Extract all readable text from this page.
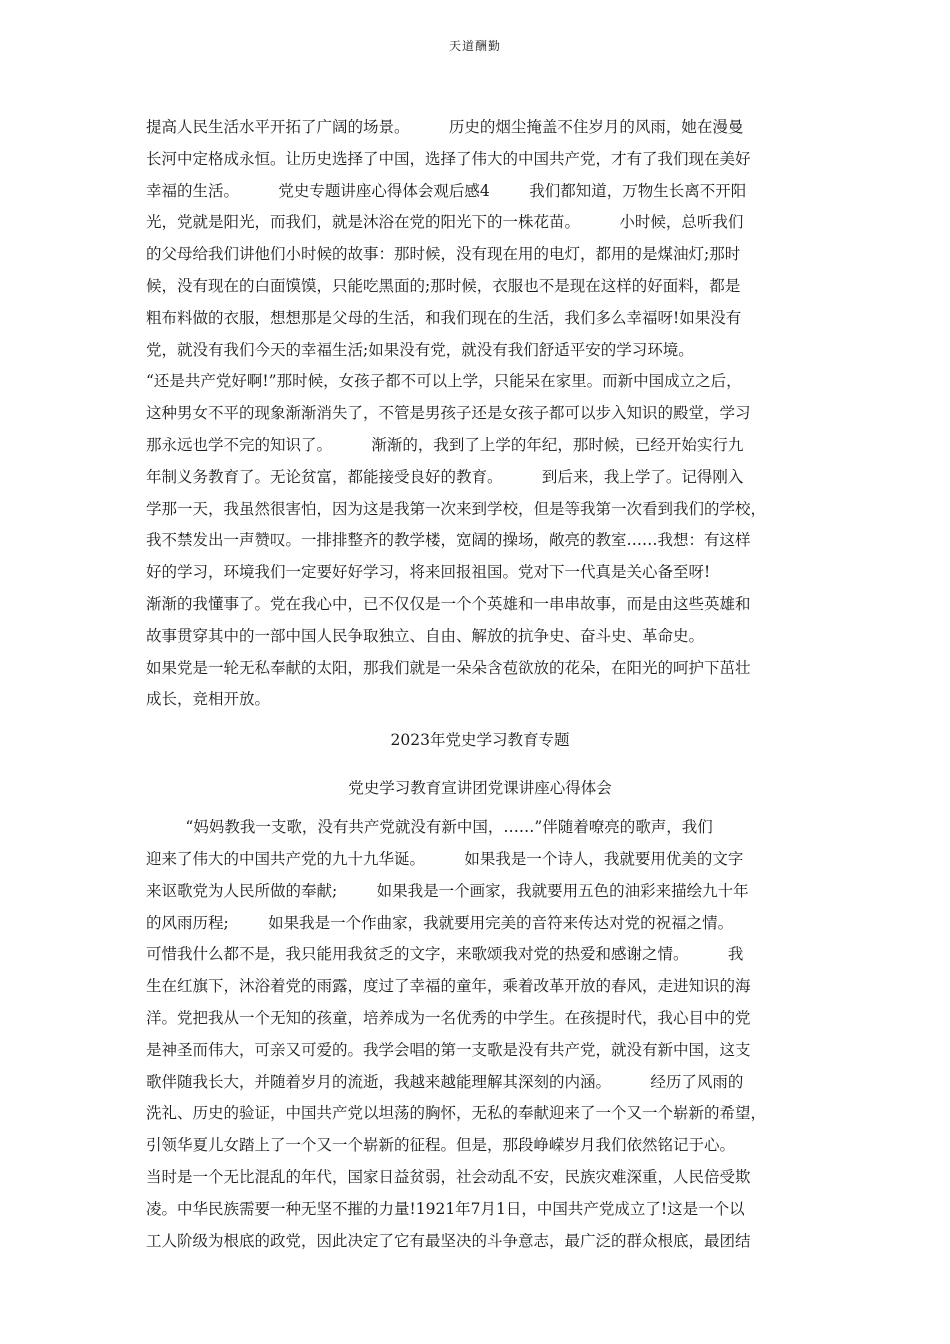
天道酬勤
提高人民生活水平开拓了广阔的场景。        历史的烟尘掩盖不住岁月的风雨，她在漫曼
长河中定格成永恒。让历史选择了中国，选择了伟大的中国共产党，才有了我们现在美好
幸福的生活。        党史专题讲座心得体会观后感4        我们都知道，万物生长离不开阳
光，党就是阳光，而我们，就是沐浴在党的阳光下的一株花苗。        小时候，总听我们
的父母给我们讲他们小时候的故事：那时候，没有现在用的电灯，都用的是煤油灯;那时
候，没有现在的白面馍馍，只能吃黑面的;那时候，衣服也不是现在这样的好面料，都是
粗布料做的衣服，想想那是父母的生活，和我们现在的生活，我们多么幸福呀!如果没有
党，就没有我们今天的幸福生活;如果没有党，就没有我们舒适平安的学习环境。
“还是共产党好啊!”那时候，女孩子都不可以上学，只能呆在家里。而新中国成立之后，
这种男女不平的现象渐渐消失了，不管是男孩子还是女孩子都可以步入知识的殿堂，学习
那永远也学不完的知识了。        渐渐的，我到了上学的年纪，那时候，已经开始实行九
年制义务教育了。无论贫富，都能接受良好的教育。        到后来，我上学了。记得刚入
学那一天，我虽然很害怕，因为这是我第一次来到学校，但是等我第一次看到我们的学校，
我不禁发出一声赞叹。一排排整齐的教学楼，宽阔的操场，敞亮的教室……我想：有这样
好的学习，环境我们一定要好好学习，将来回报祖国。党对下一代真是关心备至呀!
渐渐的我懂事了。党在我心中，已不仅仅是一个个英雄和一串串故事，而是由这些英雄和
故事贯穿其中的一部中国人民争取独立、自由、解放的抗争史、奋斗史、革命史。
如果党是一轮无私奉献的太阳，那我们就是一朵朵含苞欲放的花朵，在阳光的呵护下茁壮
成长，竞相开放。
2023年党史学习教育专题
党史学习教育宣讲团党课讲座心得体会
“妈妈教我一支歌，没有共产党就没有新中国，……”伴随着嘹亮的歌声，我们
迎来了伟大的中国共产党的九十九华诞。        如果我是一个诗人，我就要用优美的文字
来讴歌党为人民所做的奉献;        如果我是一个画家，我就要用五色的油彩来描绘九十年
的风雨历程;        如果我是一个作曲家，我就要用完美的音符来传达对党的祝福之情。
可惜我什么都不是，我只能用我贫乏的文字，来歌颂我对党的热爱和感谢之情。        我
生在红旗下，沐浴着党的雨露，度过了幸福的童年，乘着改革开放的春风，走进知识的海
洋。党把我从一个无知的孩童，培养成为一名优秀的中学生。在孩提时代，我心目中的党
是神圣而伟大，可亲又可爱的。我学会唱的第一支歌是没有共产党，就没有新中国，这支
歌伴随我长大，并随着岁月的流逝，我越来越能理解其深刻的内涵。        经历了风雨的
洗礼、历史的验证，中国共产党以坦荡的胸怀，无私的奉献迎来了一个又一个崭新的希望，
引领华夏儿女踏上了一个又一个崭新的征程。但是，那段峥嵘岁月我们依然铭记于心。
当时是一个无比混乱的年代，国家日益贫弱，社会动乱不安，民族灾难深重，人民倍受欺
凌。中华民族需要一种无坚不摧的力量!1921年7月1日，中国共产党成立了!这是一个以
工人阶级为根底的政党，因此决定了它有最坚决的斗争意志，最广泛的群众根底，最团结
